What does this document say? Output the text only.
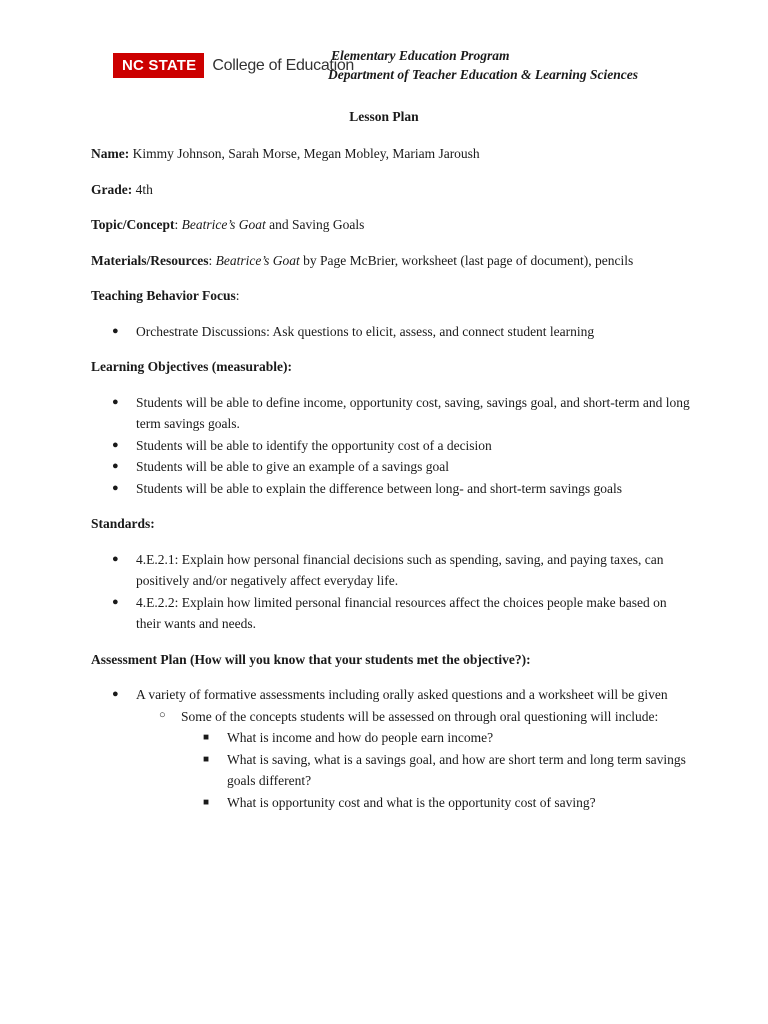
NC STATE	College of Education
Elementary Education Program
Department of Teacher Education & Learning Sciences
Lesson Plan

Name: Kimmy Johnson, Sarah Morse, Megan Mobley, Mariam Jaroush

Grade: 4th

Topic/Concept: Beatrice’s Goat and Saving Goals

Materials/Resources: Beatrice’s Goat by Page McBrier, worksheet (last page of document), pencils

Teaching Behavior Focus:

● Orchestrate Discussions: Ask questions to elicit, assess, and connect student learning

Learning Objectives (measurable):

● Students will be able to define income, opportunity cost, saving, savings goal, and short-term and long term savings goals.
● Students will be able to identify the opportunity cost of a decision
● Students will be able to give an example of a savings goal
● Students will be able to explain the difference between long- and short-term savings goals

Standards:

● 4.E.2.1: Explain how personal financial decisions such as spending, saving, and paying taxes, can positively and/or negatively affect everyday life.
● 4.E.2.2: Explain how limited personal financial resources affect the choices people make based on their wants and needs.

Assessment Plan (How will you know that your students met the objective?):

● A variety of formative assessments including orally asked questions and a worksheet will be given
○ Some of the concepts students will be assessed on through oral questioning will include:
■ What is income and how do people earn income?
■ What is saving, what is a savings goal, and how are short term and long term savings goals different?
■ What is opportunity cost and what is the opportunity cost of saving?
